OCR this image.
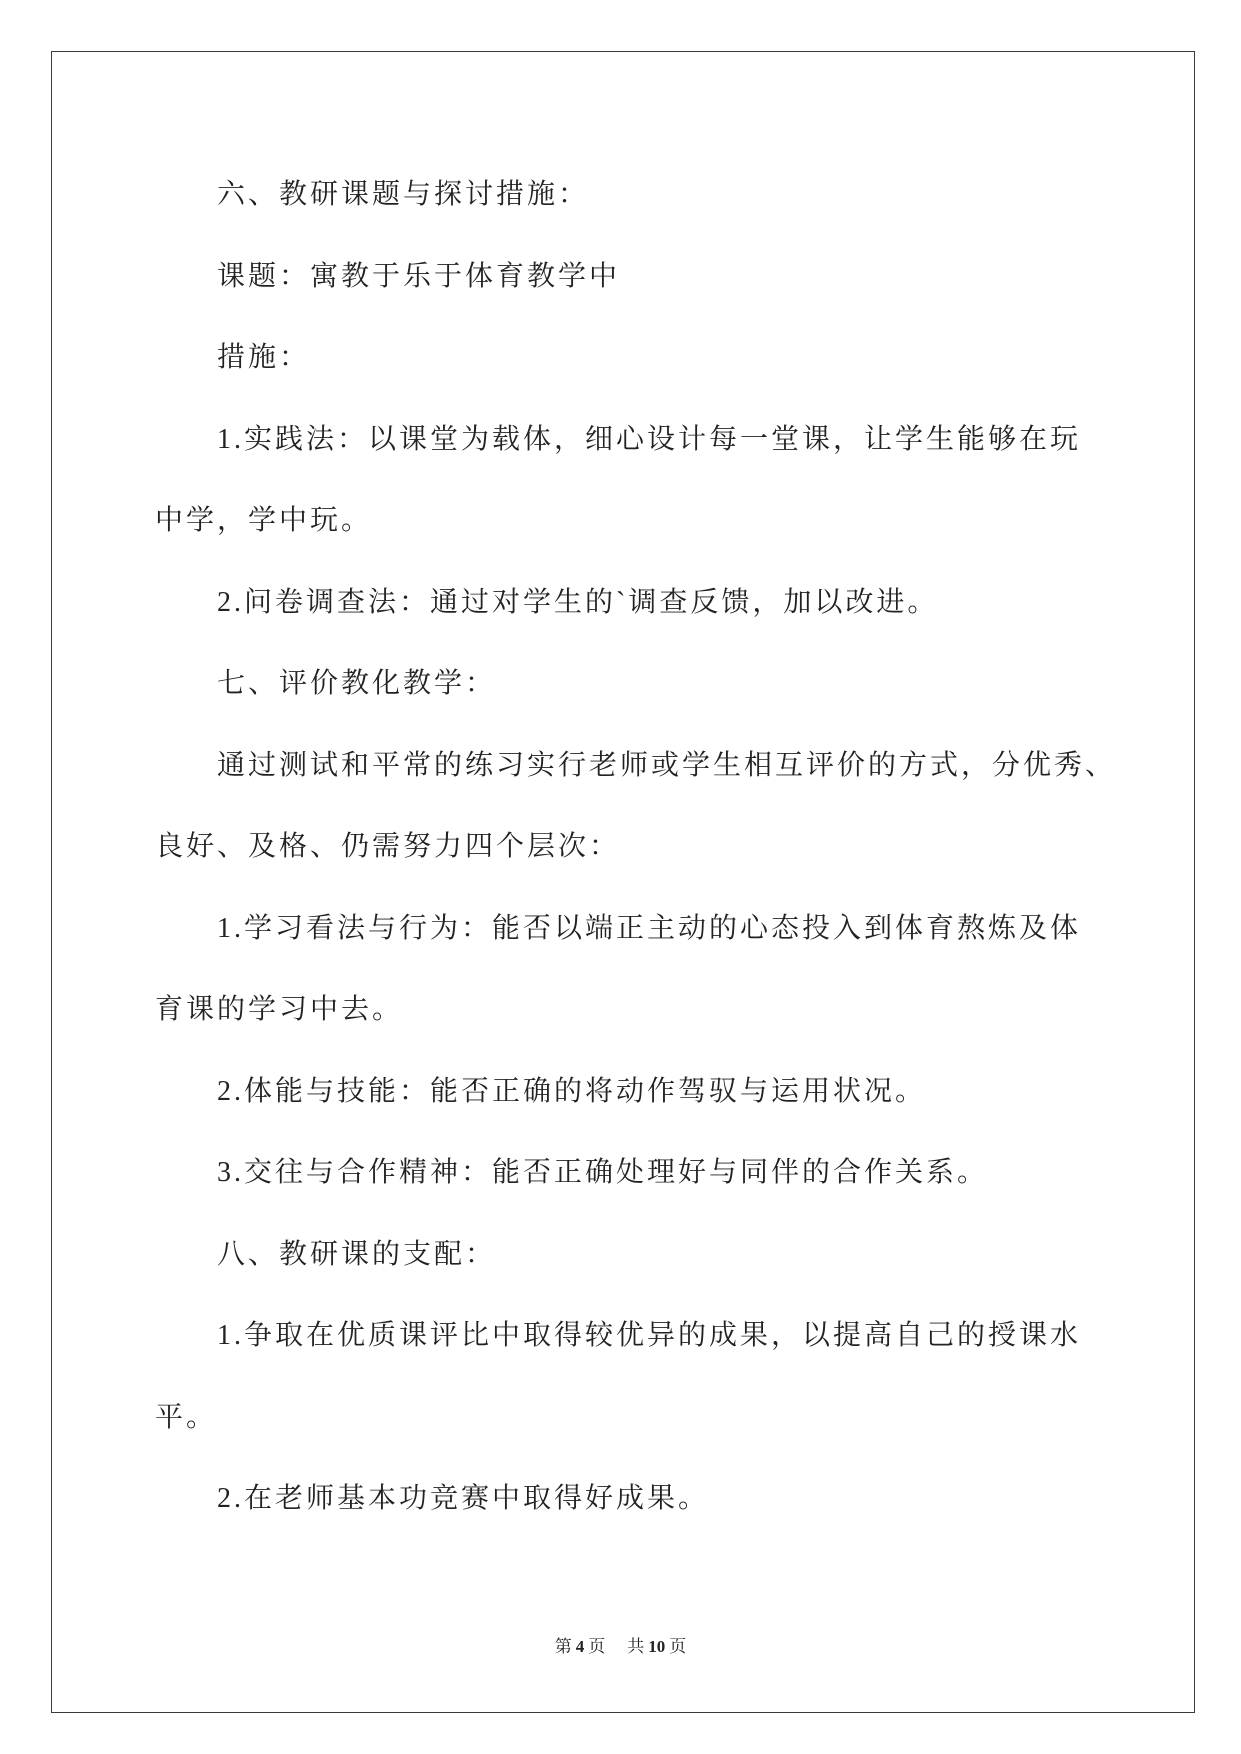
六、教研课题与探讨措施：
课题：寓教于乐于体育教学中
措施：
1.实践法：以课堂为载体，细心设计每一堂课，让学生能够在玩
中学，学中玩。
2.问卷调查法：通过对学生的`调查反馈，加以改进。
七、评价教化教学：
通过测试和平常的练习实行老师或学生相互评价的方式，分优秀、
良好、及格、仍需努力四个层次：
1.学习看法与行为：能否以端正主动的心态投入到体育熬炼及体
育课的学习中去。
2.体能与技能：能否正确的将动作驾驭与运用状况。
3.交往与合作精神：能否正确处理好与同伴的合作关系。
八、教研课的支配：
1.争取在优质课评比中取得较优异的成果，以提高自己的授课水
平。
2.在老师基本功竞赛中取得好成果。
第 4 页 共 10 页
